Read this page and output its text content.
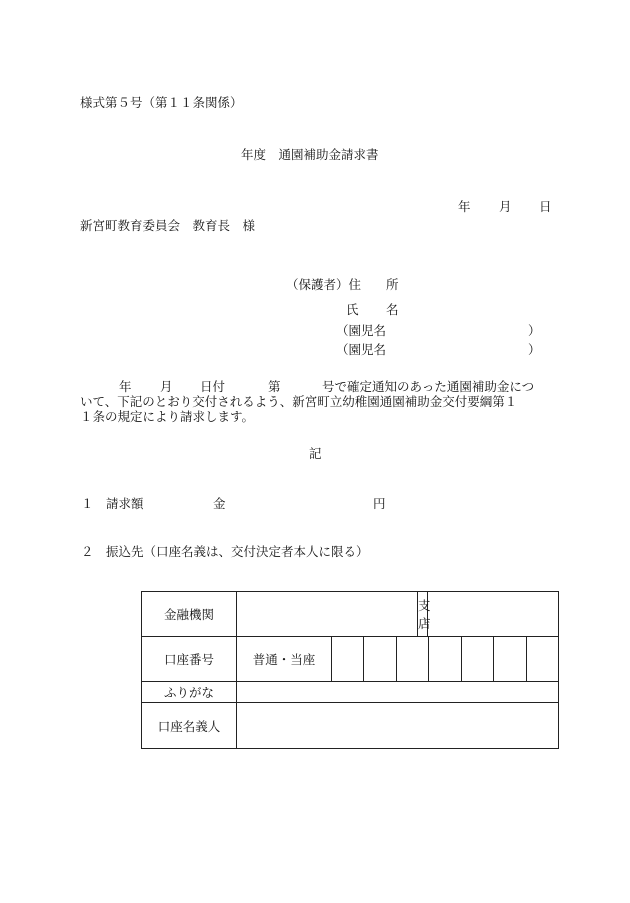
様式第５号（第１１条関係）
年度　通園補助金請求書
年 月 日
新宮町教育委員会　教育長　様
（保護者）住 所
氏 名
（園児名	）
（園児名	）
年 月 日付	第	号で確定通知のあった通園補助金につ
いて、下記のとおり交付されるよう、新宮町立幼稚園通園補助金交付要綱第１
１条の規定により請求します。
記
１ 請求額	金	円
２ 振込先（口座名義は、交付決定者本人に限る）
金融機関			支店	
口座番号	普通・当座			

ふりがな				
口座名義人				
